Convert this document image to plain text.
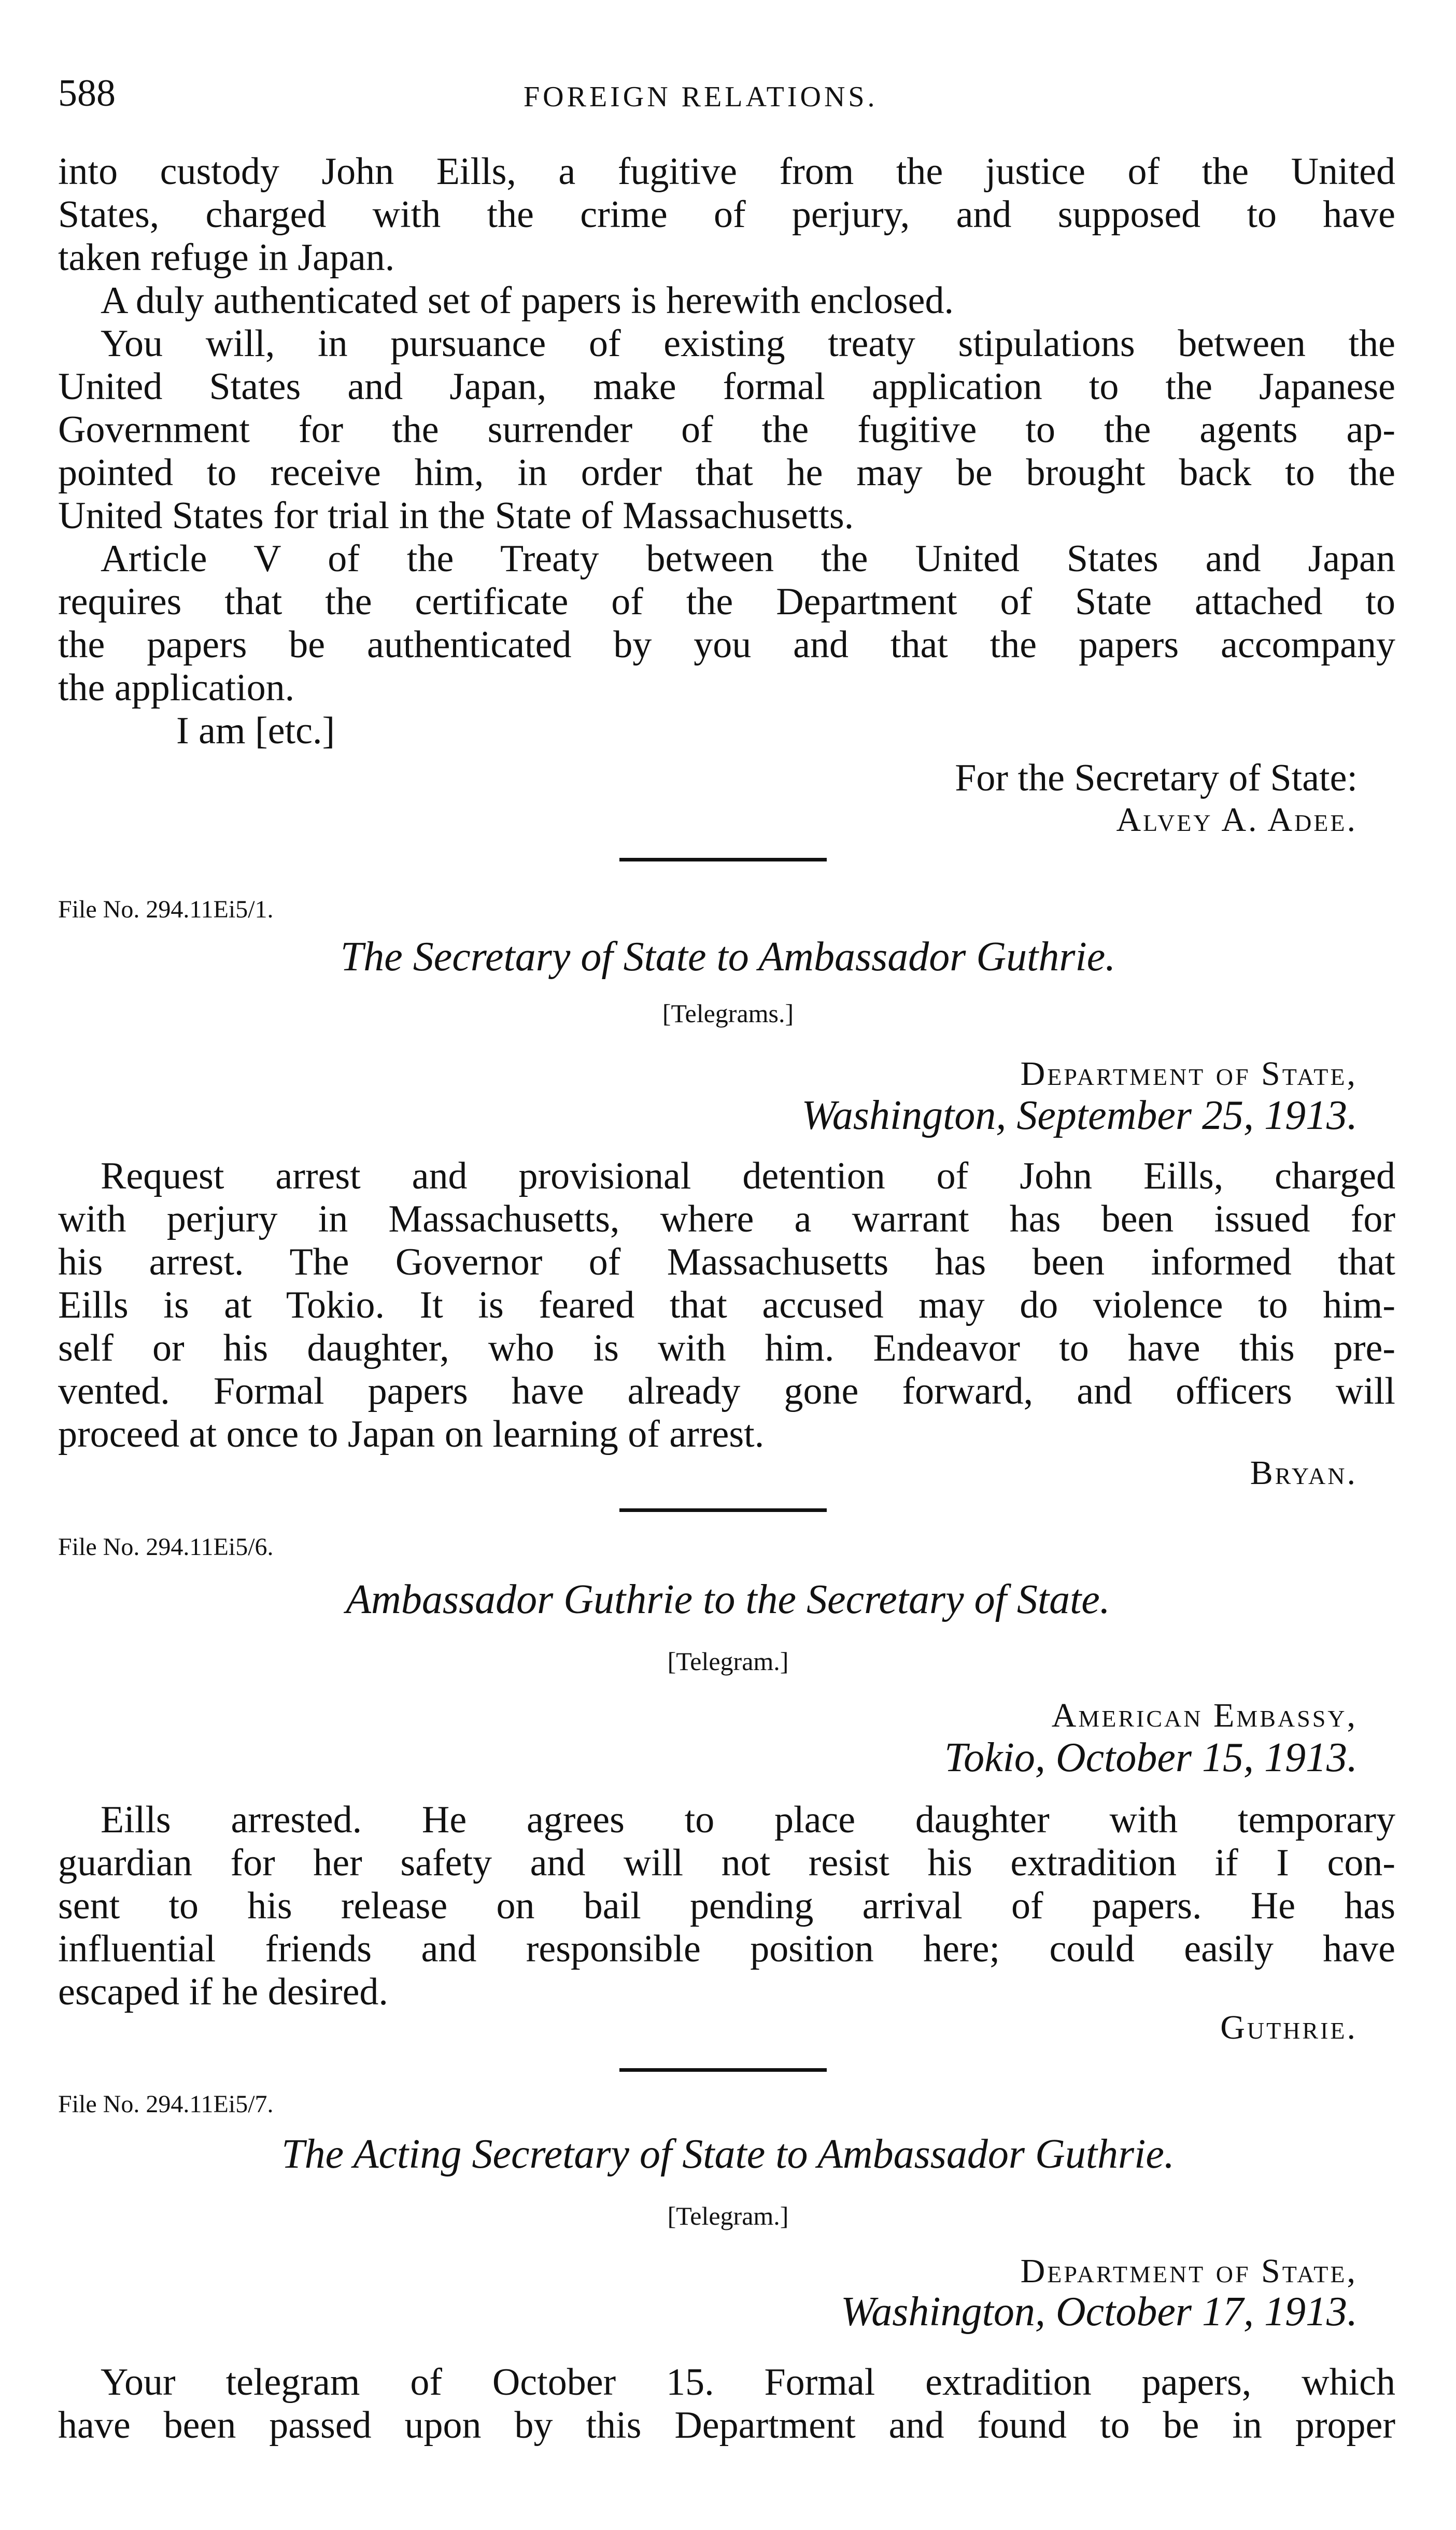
588	FOREIGN RELATIONS.
into custody John Eills, a fugitive from the justice of the United
States, charged with the crime of perjury, and supposed to have
taken refuge in Japan.
A duly authenticated set of papers is herewith enclosed.
You will, in pursuance of existing treaty stipulations between the
United States and Japan, make formal application to the Japanese
Government for the surrender of the fugitive to the agents ap-
pointed to receive him, in order that he may be brought back to the
United States for trial in the State of Massachusetts.
Article V of the Treaty between the United States and Japan
requires that the certificate of the Department of State attached to
the papers be authenticated by you and that the papers accompany
the application.
I am [etc.]
For the Secretary of State:
Alvey A. Adee.
File No. 294.11Ei5/1.
The Secretary of State to Ambassador Guthrie.
[Telegrams.]
Department of State,
Washington, September 25, 1913.
Request arrest and provisional detention of John Eills, charged
with perjury in Massachusetts, where a warrant has been issued for
his arrest. The Governor of Massachusetts has been informed that
Eills is at Tokio. It is feared that accused may do violence to him-
self or his daughter, who is with him. Endeavor to have this pre-
vented. Formal papers have already gone forward, and officers will
proceed at once to Japan on learning of arrest.
Bryan.
File No. 294.11Ei5/6.
Ambassador Guthrie to the Secretary of State.
[Telegram.]
American Embassy,
Tokio, October 15, 1913.
Eills arrested. He agrees to place daughter with temporary
guardian for her safety and will not resist his extradition if I con-
sent to his release on bail pending arrival of papers. He has
influential friends and responsible position here; could easily have
escaped if he desired.
Guthrie.
File No. 294.11Ei5/7.
The Acting Secretary of State to Ambassador Guthrie.
[Telegram.]
Department of State,
Washington, October 17, 1913.
Your telegram of October 15. Formal extradition papers, which
have been passed upon by this Department and found to be in proper
